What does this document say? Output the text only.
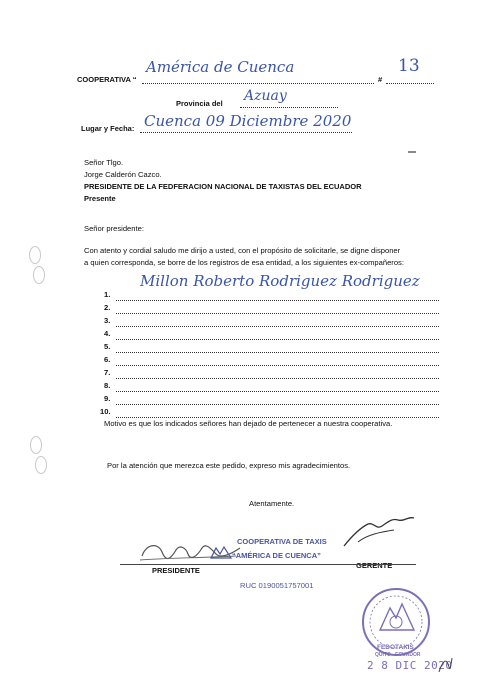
COOPERATIVA “
América de Cuenca
#
13
Provincia del Azuay
Lugar y Fecha: Cuenca 09 Diciembre 2020
Señor Tlgo.
Jorge Calderón Cazco.
PRESIDENTE DE LA FEDFERACION NACIONAL DE TAXISTAS DEL ECUADOR
Presente
Señor presidente:
Con atento y cordial saludo me dirijo a usted, con el propósito de solicitarle, se digne disponer
a quien corresponda, se borre de los registros de esa entidad, a los siguientes ex-compañeros:
1.
2.
3.
4.
5.
6.
7.
8.
9.
10.
Millon Roberto Rodriguez Rodriguez
Motivo es que los indicados señores han dejado de pertenecer a nuestra cooperativa.
Por la atención que merezca este pedido, expreso mis agradecimientos.
Atentamente.
COOPERATIVA DE TAXIS
“AMÉRICA DE CUENCA”
PRESIDENTE
GERENTE
RUC 0190051757001
FEDOTAXIS
QUITO - ECUADOR
2 8 DIC 2020
